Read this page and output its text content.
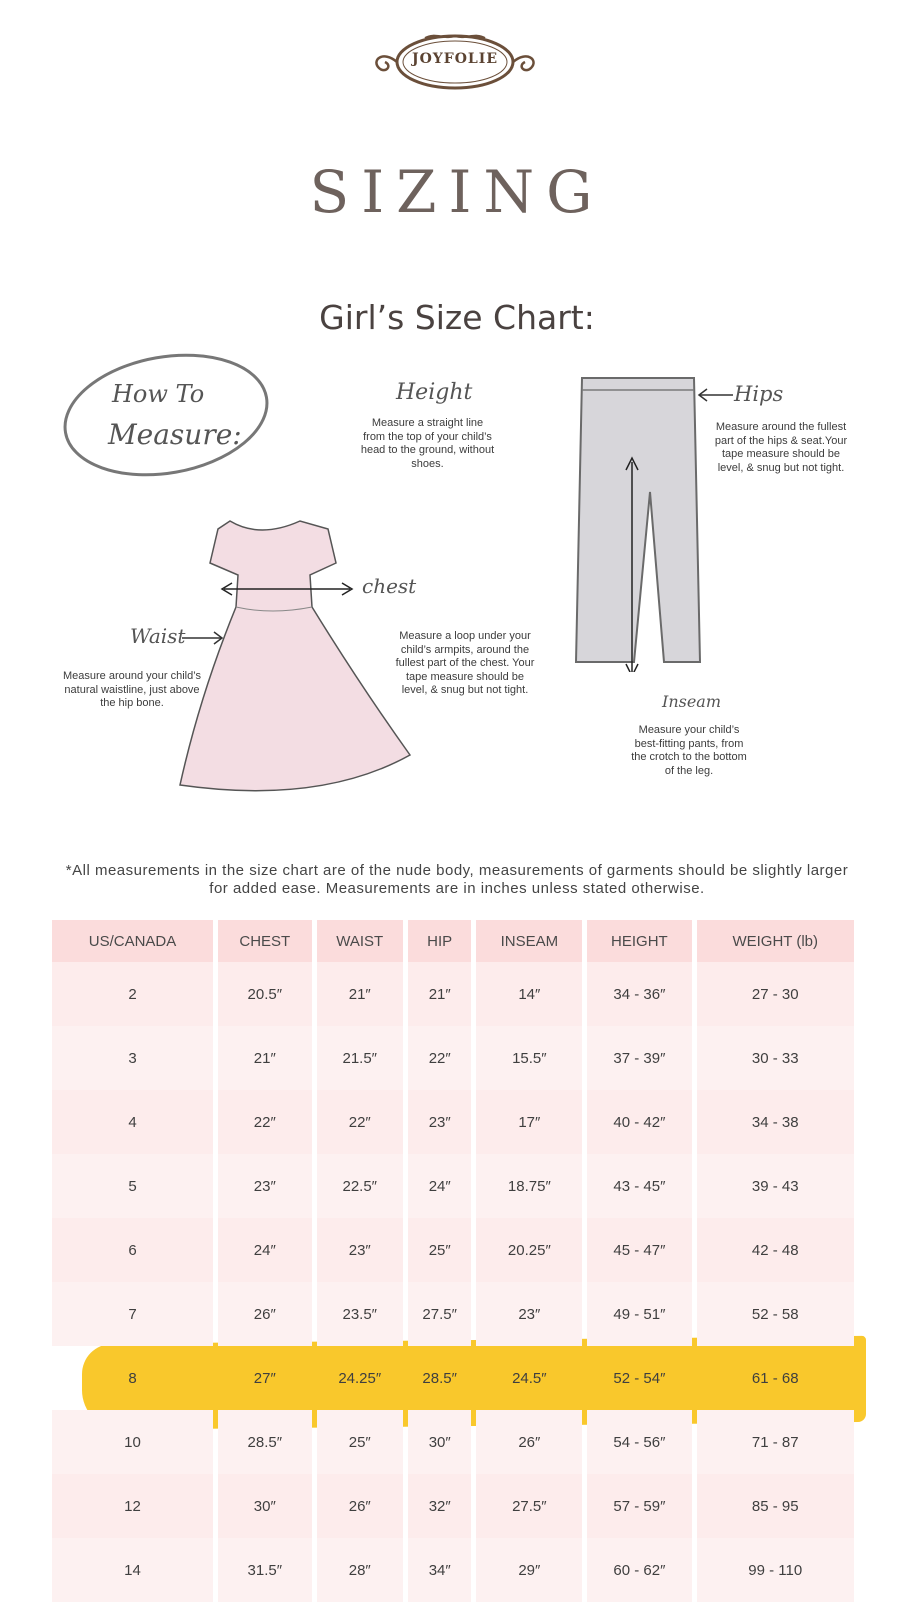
JOYFOLIE
SIZING
Girl’s Size Chart:
How To
Measure:
Height
Measure a straight line from the top of your child’s head to the ground, without shoes.
Hips
Measure around the fullest part of the hips & seat.Your tape measure should be level, & snug but not tight.
chest
Measure a loop under your child’s armpits, around the fullest part of the chest. Your tape measure should be level, & snug but not tight.
Waist
Measure around your child’s natural waistline, just above the hip bone.	Inseam
Measure your child’s best-fitting pants, from the crotch to the bottom of the leg.
*All measurements in the size chart are of the nude body, measurements of garments should be slightly larger for added ease. Measurements are in inches unless stated otherwise.
US/CANADA	CHEST	WAIST	HIP	INSEAM	HEIGHT	WEIGHT (lb)
2	20.5″	21″	21″	14″	34 - 36″	27 - 30
3	21″	21.5″	22″	15.5″	37 - 39″	30 - 33
4	22″	22″	23″	17″	40 - 42″	34 - 38
5	23″	22.5″	24″	18.75″	43 - 45″	39 - 43
6	24″	23″	25″	20.25″	45 - 47″	42 - 48
7	26″	23.5″	27.5″	23″	49 - 51″	52 - 58
8	27″	24.25″	28.5″	24.5″	52 - 54″	61 - 68
10	28.5″	25″	30″	26″	54 - 56″	71 - 87
12	30″	26″	32″	27.5″	57 - 59″	85 - 95
14	31.5″	28″	34″	29″	60 - 62″	99 - 110
